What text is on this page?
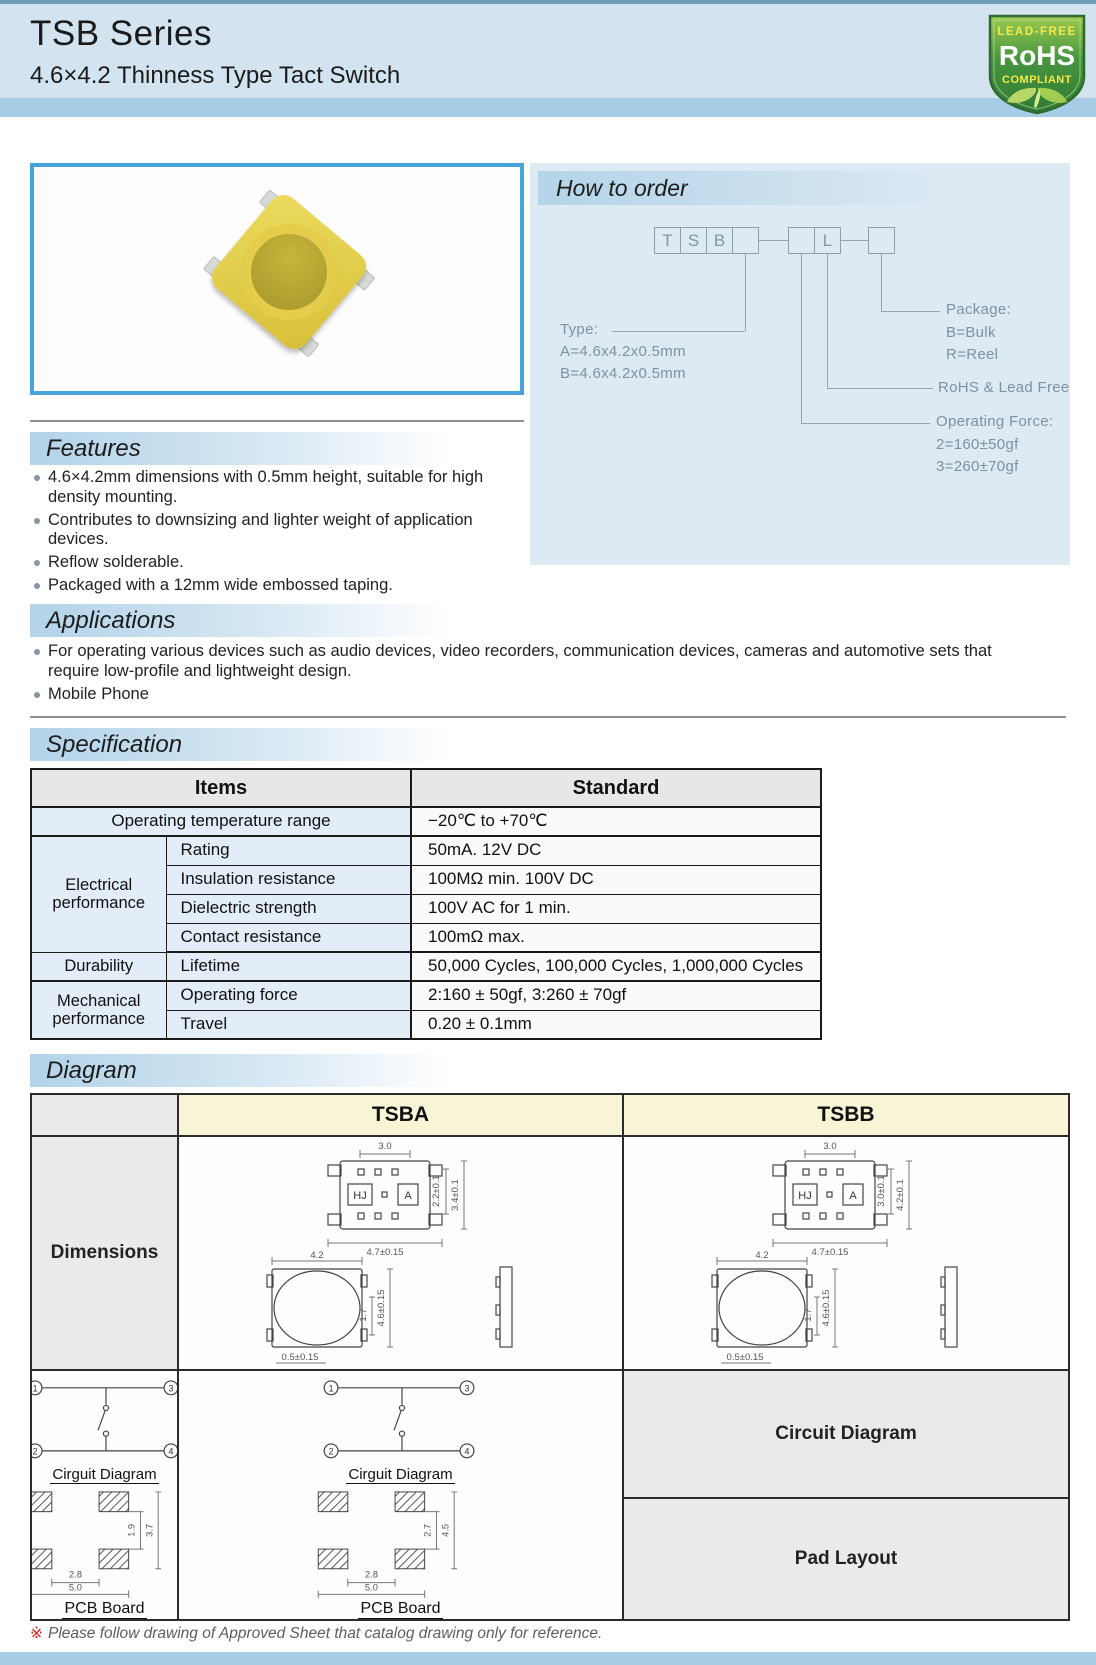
TSB Series
4.6×4.2 Thinness Type Tact Switch
LEAD-FREE
RoHS
COMPLIANT
How to order
T S B	L
Type:
A=4.6x4.2x0.5mm
B=4.6x4.2x0.5mm
Package:
B=Bulk
R=Reel
RoHS & Lead Free
Operating Force:
2=160±50gf
3=260±70gf
Features
4.6×4.2mm dimensions with 0.5mm height, suitable for high density mounting.
Contributes to downsizing and lighter weight of application devices.
Reflow solderable.
Packaged with a 12mm wide embossed taping.
Applications
For operating various devices such as audio devices, video recorders, communication devices, cameras and automotive sets that require low-profile and lightweight design.
Mobile Phone
Specification
Items		Standard
Operating temperature range		−20℃ to +70℃
Electrical performance	Rating	50mA. 12V DC
	Insulation resistance	100MΩ min. 100V DC
	Dielectric strength	100V AC for 1 min.
	Contact resistance	100mΩ max.
Durability	Lifetime	50,000 Cycles, 100,000 Cycles, 1,000,000 Cycles
Mechanical performance	Operating force	2:160 ± 50gf, 3:260 ± 70gf
	Travel	0.20 ± 0.1mm
Diagram
TSBA	TSBB
Dimensions
HJ	A
3.0
2.2±0.1 3.4±0.1
4.7±0.15
4.2
1.7 4.6±0.15
0.5±0.15
HJ	A
3.0
3.0±0.1 4.2±0.1
4.7±0.15
4.2
1.7 4.6±0.15
0.5±0.15
Circuit Diagram
1	3
2	4
Cirguit Diagram
1.9 3.7
2.8
5.0
PCB Board
1	3
2	4
Cirguit Diagram
2.7 4.5
2.8
5.0
PCB Board
Pad Layout
※ Please follow drawing of Approved Sheet that catalog drawing only for reference.
